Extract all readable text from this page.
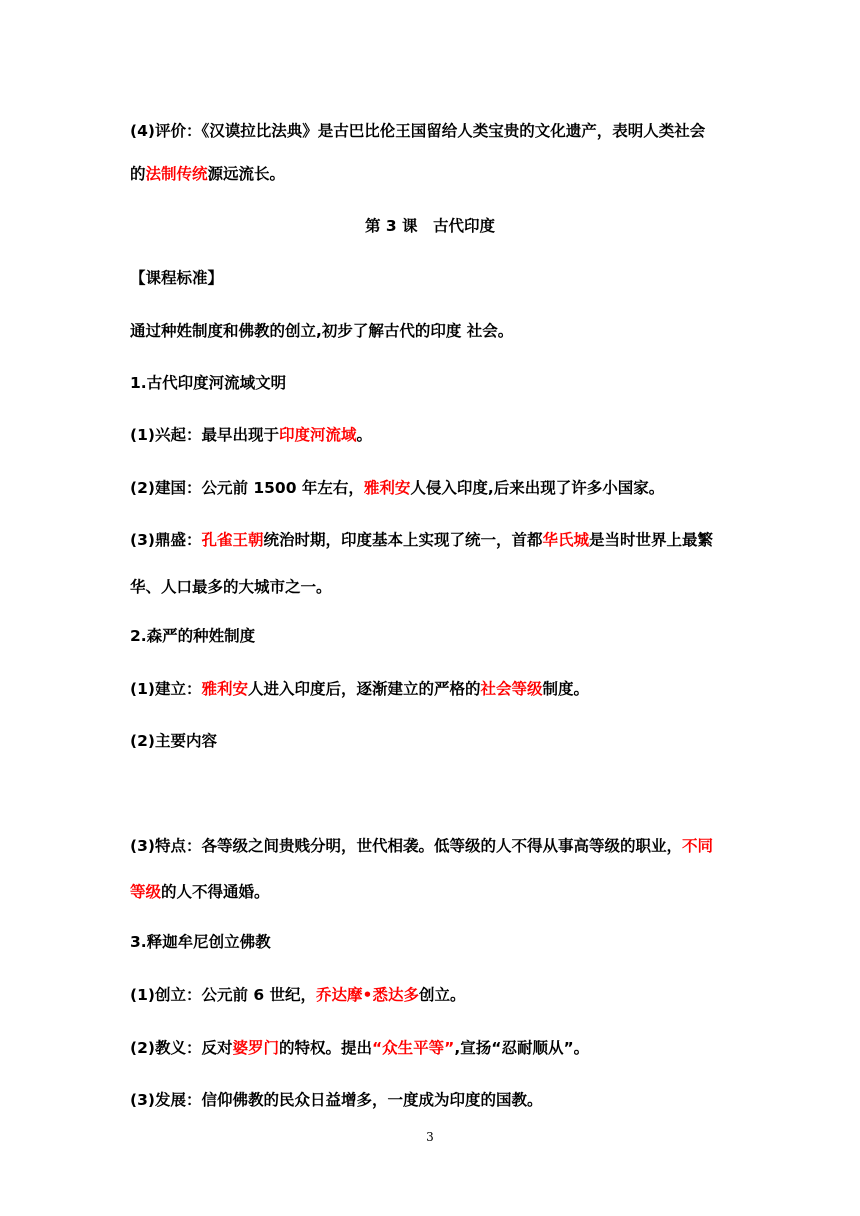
(4)评价：《汉谟拉比法典》是古巴比伦王国留给人类宝贵的文化遗产，表明人类社会

的法制传统源远流长。

第 3 课　古代印度

【课程标准】

通过种姓制度和佛教的创立,初步了解古代的印度 社会。

1.古代印度河流域文明

(1)兴起：最早出现于印度河流域。

(2)建国：公元前 1500 年左右，雅利安人侵入印度,后来出现了许多小国家。

(3)鼎盛：孔雀王朝统治时期，印度基本上实现了统一，首都华氏城是当时世界上最繁

华、人口最多的大城市之一。

2.森严的种姓制度

(1)建立：雅利安人进入印度后，逐渐建立的严格的社会等级制度。

(2)主要内容

(3)特点：各等级之间贵贱分明，世代相袭。低等级的人不得从事高等级的职业，不同

等级的人不得通婚。

3.释迦牟尼创立佛教

(1)创立：公元前 6 世纪，乔达摩•悉达多创立。

(2)教义：反对婆罗门的特权。提出“众生平等”,宣扬“忍耐顺从”。

(3)发展：信仰佛教的民众日益增多，一度成为印度的国教。

3
